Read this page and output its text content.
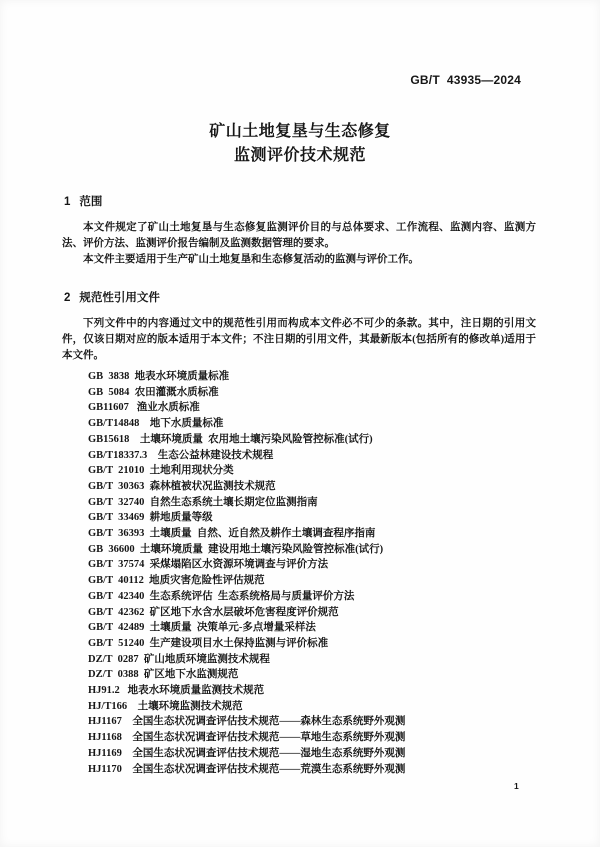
GB/T  43935—2024
矿山土地复垦与生态修复
监测评价技术规范
1 范围

本文件规定了矿山土地复垦与生态修复监测评价目的与总体要求、工作流程、监测内容、监测方法、评价方法、监测评价报告编制及监测数据管理的要求。

本文件主要适用于生产矿山土地复垦和生态修复活动的监测与评价工作。

2 规范性引用文件

下列文件中的内容通过文中的规范性引用而构成本文件必不可少的条款。其中，注日期的引用文件，仅该日期对应的版本适用于本文件；不注日期的引用文件，其最新版本(包括所有的修改单)适用于本文件。

GB  3838  地表水环境质量标准
GB  5084  农田灌溉水质标准
GB11607   渔业水质标准
GB/T14848    地下水质量标准
GB15618    土壤环境质量  农用地土壤污染风险管控标准(试行)
GB/T18337.3    生态公益林建设技术规程
GB/T  21010  土地利用现状分类
GB/T  30363  森林植被状况监测技术规范
GB/T  32740  自然生态系统土壤长期定位监测指南
GB/T  33469  耕地质量等级
GB/T  36393  土壤质量  自然、近自然及耕作土壤调查程序指南
GB  36600  土壤环境质量  建设用地土壤污染风险管控标准(试行)
GB/T  37574  采煤塌陷区水资源环境调查与评价方法
GB/T  40112  地质灾害危险性评估规范
GB/T  42340  生态系统评估  生态系统格局与质量评价方法
GB/T  42362  矿区地下水含水层破坏危害程度评价规范
GB/T  42489  土壤质量  决策单元-多点增量采样法
GB/T  51240  生产建设项目水土保持监测与评价标准
DZ/T  0287  矿山地质环境监测技术规程
DZ/T  0388  矿区地下水监测规范
HJ91.2   地表水环境质量监测技术规范
HJ/T166    土壤环境监测技术规范
HJ1167    全国生态状况调查评估技术规范——森林生态系统野外观测
HJ1168    全国生态状况调查评估技术规范——草地生态系统野外观测
HJ1169    全国生态状况调查评估技术规范——湿地生态系统野外观测
HJ1170    全国生态状况调查评估技术规范——荒漠生态系统野外观测
1
